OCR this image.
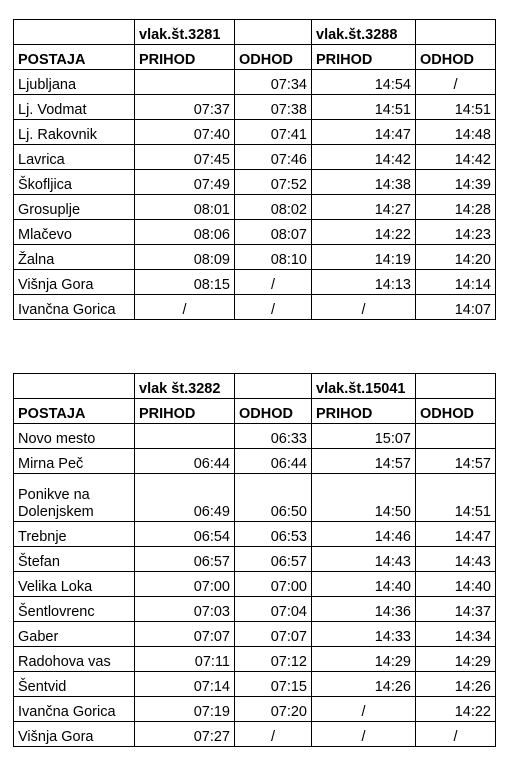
	vlak.št.3281		vlak.št.3288	
POSTAJA	PRIHOD	ODHOD	PRIHOD	ODHOD
Ljubljana		07:34	14:54	/
Lj. Vodmat	07:37	07:38	14:51	14:51
Lj. Rakovnik	07:40	07:41	14:47	14:48
Lavrica	07:45	07:46	14:42	14:42
Škofljica	07:49	07:52	14:38	14:39
Grosuplje	08:01	08:02	14:27	14:28
Mlačevo	08:06	08:07	14:22	14:23
Žalna	08:09	08:10	14:19	14:20
Višnja Gora	08:15	/	14:13	14:14
Ivančna Gorica	/	/	/	14:07
	vlak št.3282		vlak.št.15041	
POSTAJA	PRIHOD	ODHOD	PRIHOD	ODHOD
Novo mesto		06:33	15:07	
Mirna Peč	06:44	06:44	14:57	14:57
Ponikve na Dolenjskem	06:49	06:50	14:50	14:51
Trebnje	06:54	06:53	14:46	14:47
Štefan	06:57	06:57	14:43	14:43
Velika Loka	07:00	07:00	14:40	14:40
Šentlovrenc	07:03	07:04	14:36	14:37
Gaber	07:07	07:07	14:33	14:34
Radohova vas	07:11	07:12	14:29	14:29
Šentvid	07:14	07:15	14:26	14:26
Ivančna Gorica	07:19	07:20	/	14:22
Višnja Gora	07:27	/	/	/
